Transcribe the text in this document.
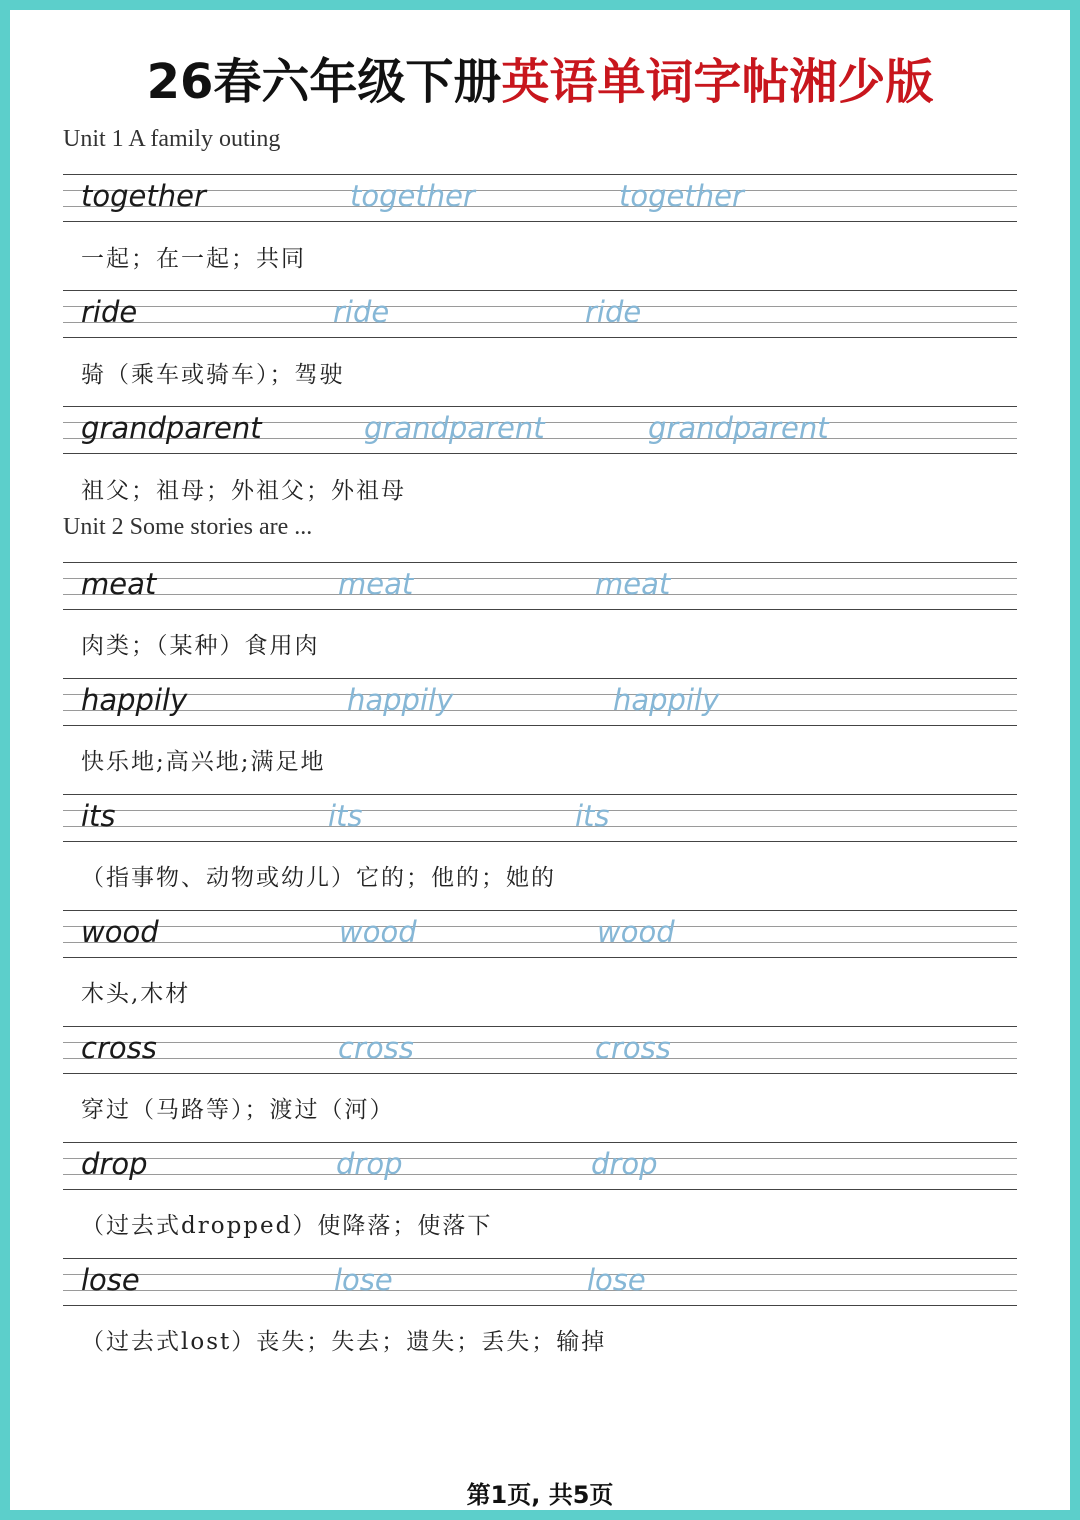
26春六年级下册英语单词字帖湘少版
Unit 1 A family outing
together	together	together
一起；在一起；共同
ride	ride	ride
骑（乘车或骑车）；驾驶
grandparent	grandparent	grandparent
祖父；祖母；外祖父；外祖母
Unit 2 Some stories are ...
meat	meat	meat
肉类；（某种）食用肉
happily	happily	happily
快乐地;高兴地;满足地
its	its	its
（指事物、动物或幼儿）它的；他的；她的
wood	wood	wood
木头,木材
cross	cross	cross
穿过（马路等）；渡过（河）
drop	drop	drop
（过去式dropped）使降落；使落下
lose	lose	lose
（过去式lost）丧失；失去；遗失；丢失；输掉
第1页, 共5页
